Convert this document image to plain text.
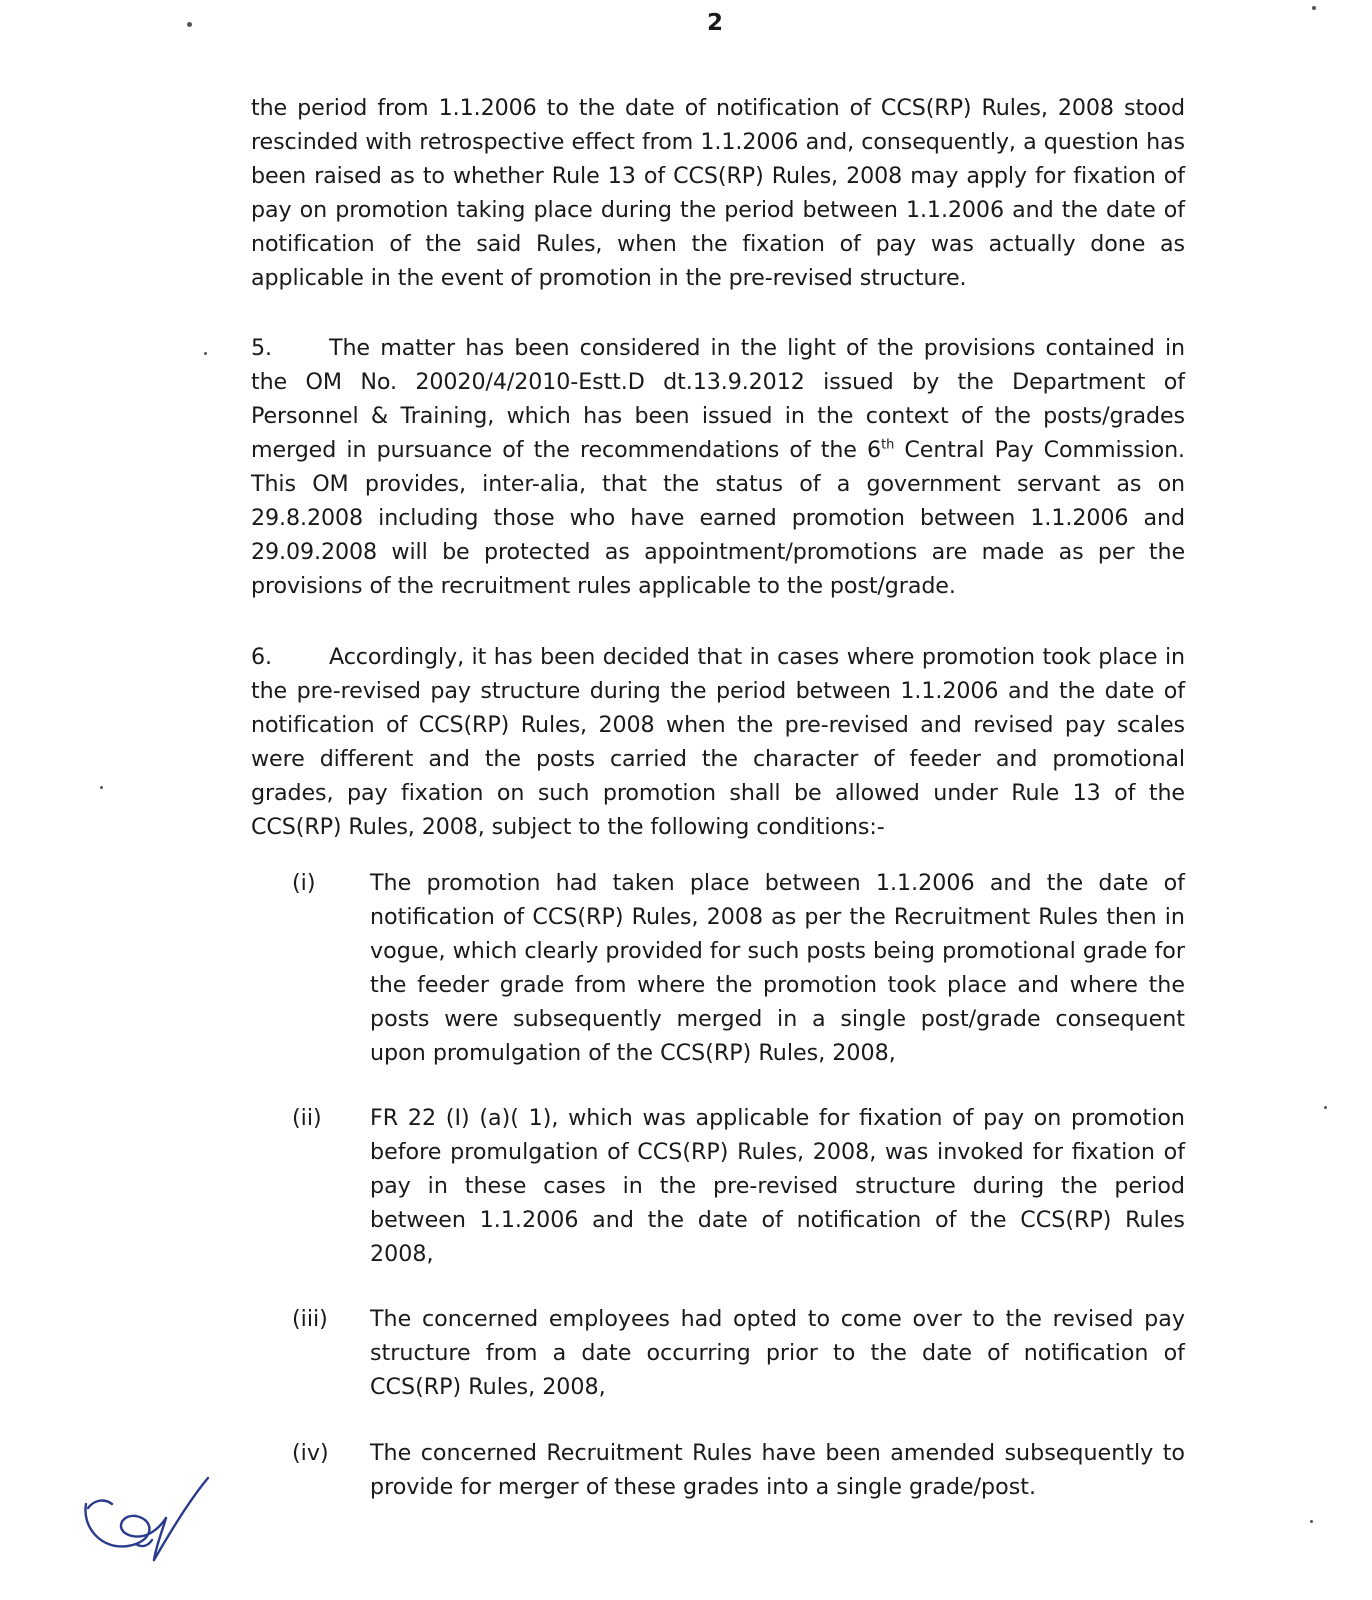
2
the period from 1.1.2006 to the date of notification of CCS(RP) Rules, 2008 stood rescinded with retrospective effect from 1.1.2006 and, consequently, a question has been raised as to whether Rule 13 of CCS(RP) Rules, 2008 may apply for fixation of pay on promotion taking place during the period between 1.1.2006 and the date of notification of the said Rules, when the fixation of pay was actually done as applicable in the event of promotion in the pre-revised structure.
5.	The matter has been considered in the light of the provisions contained in the OM No. 20020/4/2010-Estt.D dt.13.9.2012 issued by the Department of Personnel & Training, which has been issued in the context of the posts/grades merged in pursuance of the recommendations of the 6th Central Pay Commission. This OM provides, inter-alia, that the status of a government servant as on 29.8.2008 including those who have earned promotion between 1.1.2006 and 29.09.2008 will be protected as appointment/promotions are made as per the provisions of the recruitment rules applicable to the post/grade.
6.	Accordingly, it has been decided that in cases where promotion took place in the pre-revised pay structure during the period between 1.1.2006 and the date of notification of CCS(RP) Rules, 2008 when the pre-revised and revised pay scales were different and the posts carried the character of feeder and promotional grades, pay fixation on such promotion shall be allowed under Rule 13 of the CCS(RP) Rules, 2008, subject to the following conditions:-
(i)	The promotion had taken place between 1.1.2006 and the date of notification of CCS(RP) Rules, 2008 as per the Recruitment Rules then in vogue, which clearly provided for such posts being promotional grade for the feeder grade from where the promotion took place and where the posts were subsequently merged in a single post/grade consequent upon promulgation of the CCS(RP) Rules, 2008,
(ii)	FR 22 (I) (a)( 1), which was applicable for fixation of pay on promotion before promulgation of CCS(RP) Rules, 2008, was invoked for fixation of pay in these cases in the pre-revised structure during the period between 1.1.2006 and the date of notification of the CCS(RP) Rules 2008,
(iii)	The concerned employees had opted to come over to the revised pay structure from a date occurring prior to the date of notification of CCS(RP) Rules, 2008,
(iv)	The concerned Recruitment Rules have been amended subsequently to provide for merger of these grades into a single grade/post.
